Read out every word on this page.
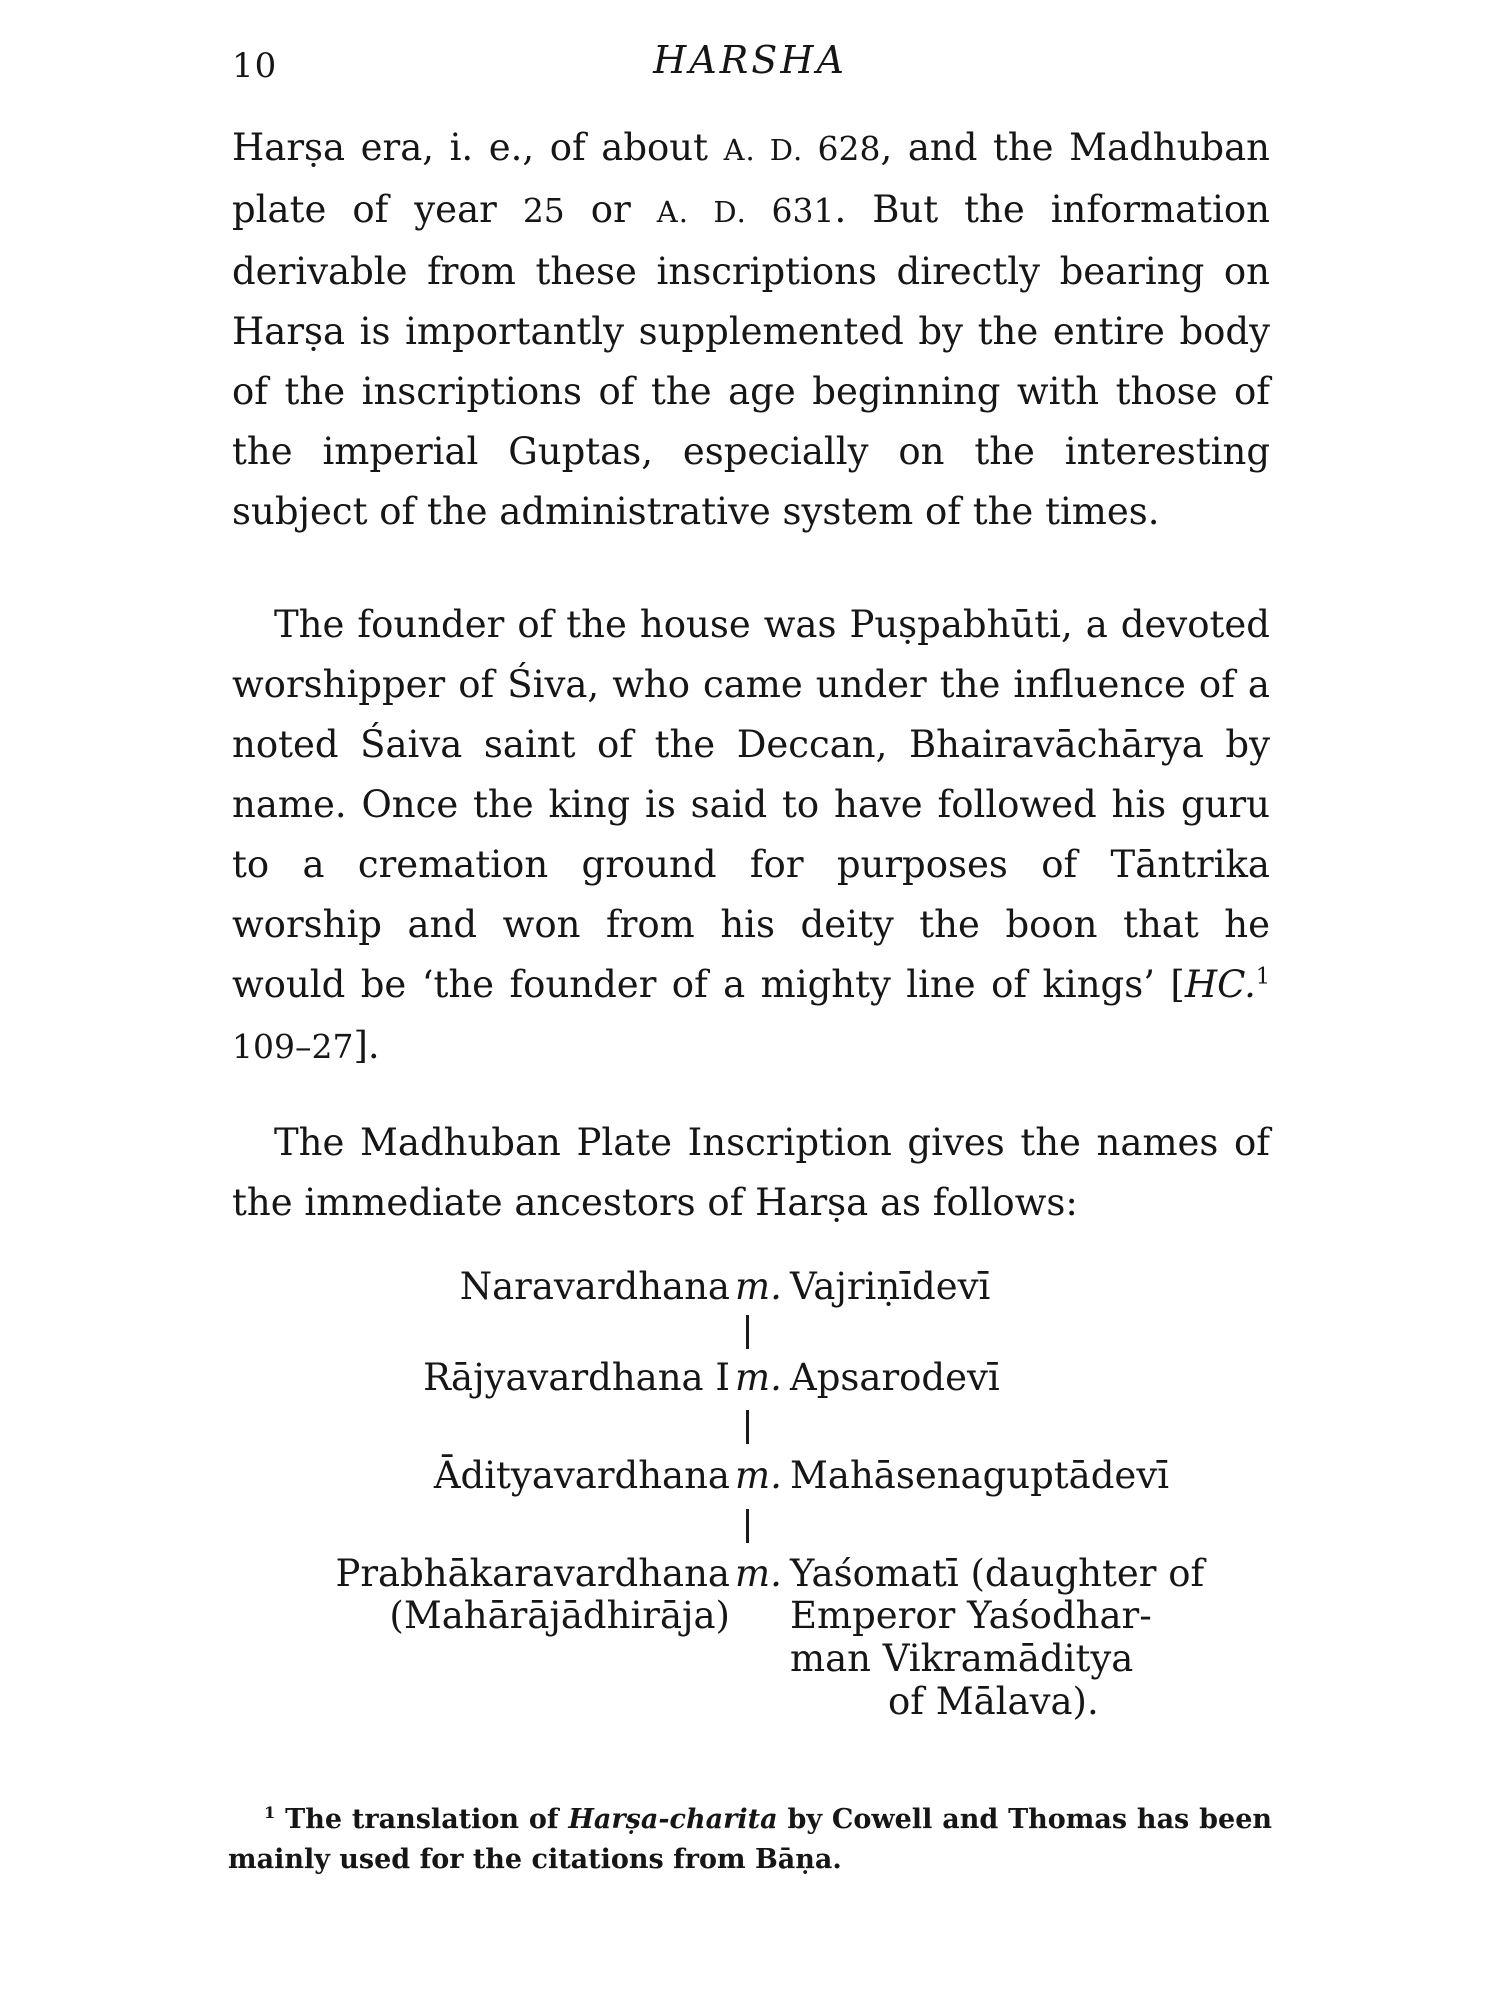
10	HARSHA

Harṣa era, i. e., of about A. D. 628, and the Madhuban plate of year 25 or A. D. 631. But the information derivable from these inscriptions directly bearing on Harṣa is importantly supplemented by the entire body of the inscriptions of the age beginning with those of the imperial Guptas, especially on the interesting subject of the administrative system of the times.

The founder of the house was Puṣpabhūti, a devoted worshipper of Śiva, who came under the influence of a noted Śaiva saint of the Deccan, Bhairavāchārya by name. Once the king is said to have followed his guru to a cremation ground for purposes of Tāntrika worship and won from his deity the boon that he would be ‘the founder of a mighty line of kings’ [HC.$^1$ 109–27].

The Madhuban Plate Inscription gives the names of the immediate ancestors of Harṣa as follows:

Naravardhana m. Vajriṇīdevī
Rājyavardhana I m. Apsarodevī
Ādityavardhana m. Mahāsenaguptādevī
Prabhākaravardhana m. Yaśomatī (daughter of
(Mahārājādhirāja) Emperor Yaśodhar-
man Vikramāditya
of Mālava).

$^1$ The translation of Harṣa-charita by Cowell and Thomas has been mainly used for the citations from Bāṇa.
